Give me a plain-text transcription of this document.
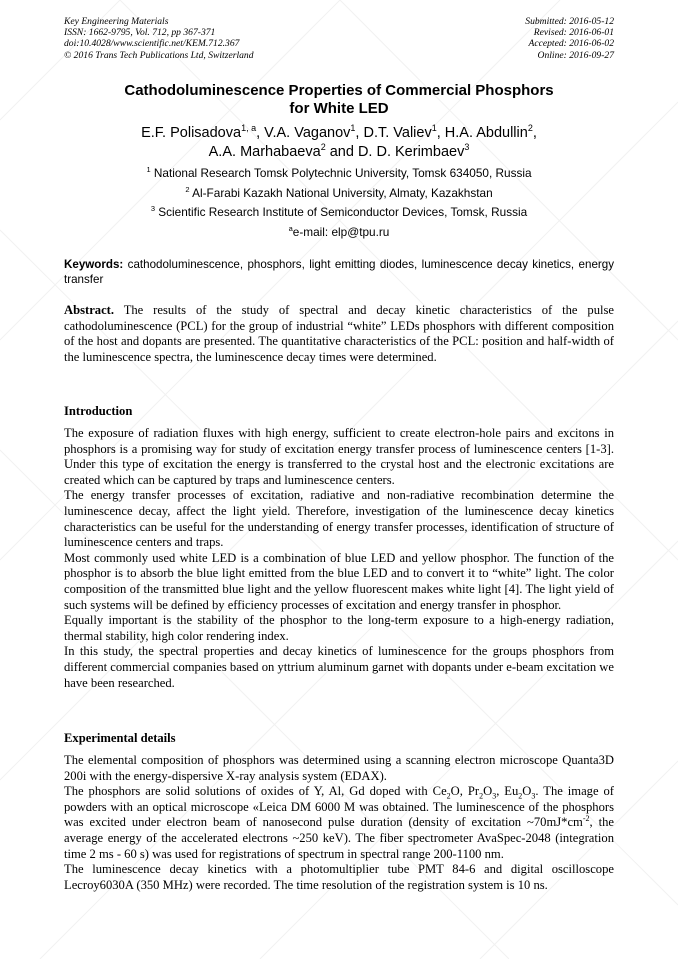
Key Engineering Materials
ISSN: 1662-9795, Vol. 712, pp 367-371
doi:10.4028/www.scientific.net/KEM.712.367
© 2016 Trans Tech Publications Ltd, Switzerland
Submitted: 2016-05-12
Revised: 2016-06-01
Accepted: 2016-06-02
Online: 2016-09-27
Cathodoluminescence Properties of Commercial Phosphors
for White LED
E.F. Polisadova$^{1, a}$, V.A. Vaganov$^1$, D.T. Valiev$^1$, H.A. Abdullin$^2$,
A.A. Marhabaeva$^2$ and D. D. Kerimbaev$^3$
$^1$ National Research Tomsk Polytechnic University, Tomsk 634050, Russia
$^2$ Al-Farabi Kazakh National University, Almaty, Kazakhstan
$^3$ Scientific Research Institute of Semiconductor Devices, Tomsk, Russia
$^a$e-mail: elp@tpu.ru
Keywords: cathodoluminescence, phosphors, light emitting diodes, luminescence decay kinetics, energy transfer

Abstract. The results of the study of spectral and decay kinetic characteristics of the pulse cathodoluminescence (PCL) for the group of industrial “white” LEDs phosphors with different composition of the host and dopants are presented. The quantitative characteristics of the PCL: position and half-width of the luminescence spectra, the luminescence decay times were determined.

Introduction

The exposure of radiation fluxes with high energy, sufficient to create electron-hole pairs and excitons in phosphors is a promising way for study of excitation energy transfer process of luminescence centers [1-3]. Under this type of excitation the energy is transferred to the crystal host and the electronic excitations are created which can be captured by traps and luminescence centers.

The energy transfer processes of excitation, radiative and non-radiative recombination determine the luminescence decay, affect the light yield. Therefore, investigation of the luminescence decay kinetics characteristics can be useful for the understanding of energy transfer processes, identification of structure of luminescence centers and traps.

Most commonly used white LED is a combination of blue LED and yellow phosphor. The function of the phosphor is to absorb the blue light emitted from the blue LED and to convert it to “white” light. The color composition of the transmitted blue light and the yellow fluorescent makes white light [4]. The light yield of such systems will be defined by efficiency processes of excitation and energy transfer in phosphor.

Equally important is the stability of the phosphor to the long-term exposure to a high-energy radiation, thermal stability, high color rendering index.

In this study, the spectral properties and decay kinetics of luminescence for the groups phosphors from different commercial companies based on yttrium aluminum garnet with dopants under e-beam excitation we have been researched.

Experimental details

The elemental composition of phosphors was determined using a scanning electron microscope Quanta3D 200i with the energy-dispersive X-ray analysis system (EDAX).

The phosphors are solid solutions of oxides of Y, Al, Gd doped with $Ce_2O$, $Pr_2O_3$, $Eu_2O_3$. The image of powders with an optical microscope «Leica DM 6000 M was obtained. The luminescence of the phosphors was excited under electron beam of nanosecond pulse duration (density of excitation $\sim 70mJ*cm^{-2}$, the average energy of the accelerated electrons ~250 keV). The fiber spectrometer AvaSpec-2048 (integration time 2 ms - 60 s) was used for registrations of spectrum in spectral range 200-1100 nm.

The luminescence decay kinetics with a photomultiplier tube PMT 84-6 and digital oscilloscope Lecroy6030A (350 MHz) were recorded. The time resolution of the registration system is 10 ns.
